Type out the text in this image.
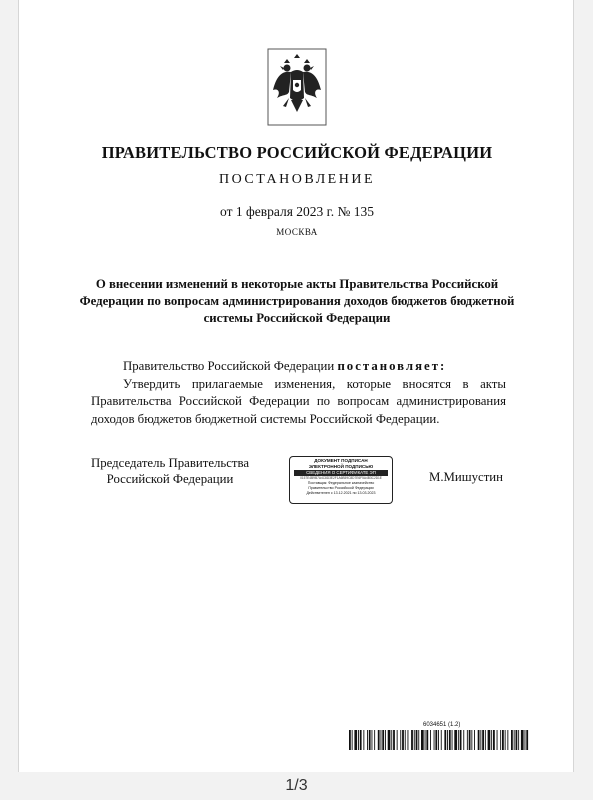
ПРАВИТЕЛЬСТВО РОССИЙСКОЙ ФЕДЕРАЦИИ
ПОСТАНОВЛЕНИЕ
от 1 февраля 2023 г. № 135
МОСКВА
О внесении изменений в некоторые акты Правительства Российской Федерации по вопросам администрирования доходов бюджетов бюджетной системы Российской Федерации

Правительство Российской Федерации постановляет:

Утвердить прилагаемые изменения, которые вносятся в акты Правительства Российской Федерации по вопросам администрирования доходов бюджетов бюджетной системы Российской Федерации.

Председатель Правительства
Российской Федерации
ДОКУМЕНТ ПОДПИСАН
ЭЛЕКТРОННОЙ ПОДПИСЬЮ
СВЕДЕНИЯ О СЕРТИФИКАТЕ ЭП
0157E4B9B7A4C8D3E2F1A6B59C8D7E6F5A4B3C2D1E
Поставщик: Федеральное казначейство
Правительство Российской Федерации
Действителен с 13.12.2021 по 13.03.2023
М.Мишустин
6034651 (1.2)
1/3
